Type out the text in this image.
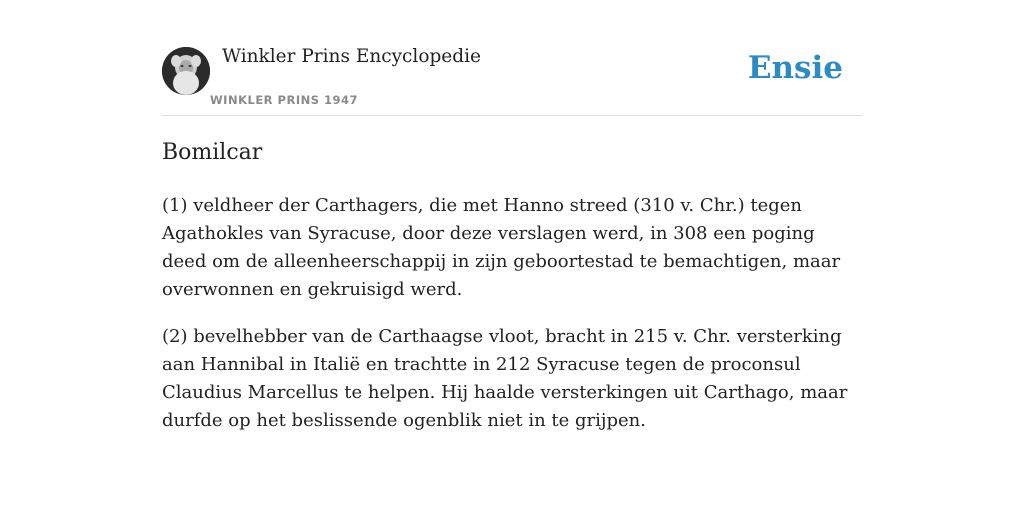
Winkler Prins Encyclopedie
WINKLER PRINS 1947
Ensie
Bomilcar

(1) veldheer der Carthagers, die met Hanno streed (310 v. Chr.) tegen Agathokles van Syracuse, door deze verslagen werd, in 308 een poging deed om de alleenheerschappij in zijn geboortestad te bemachtigen, maar overwonnen en gekruisigd werd.

(2) bevelhebber van de Carthaagse vloot, bracht in 215 v. Chr. versterking aan Hannibal in Italië en trachtte in 212 Syracuse tegen de proconsul Claudius Marcellus te helpen. Hij haalde versterkingen uit Carthago, maar durfde op het beslissende ogenblik niet in te grijpen.
